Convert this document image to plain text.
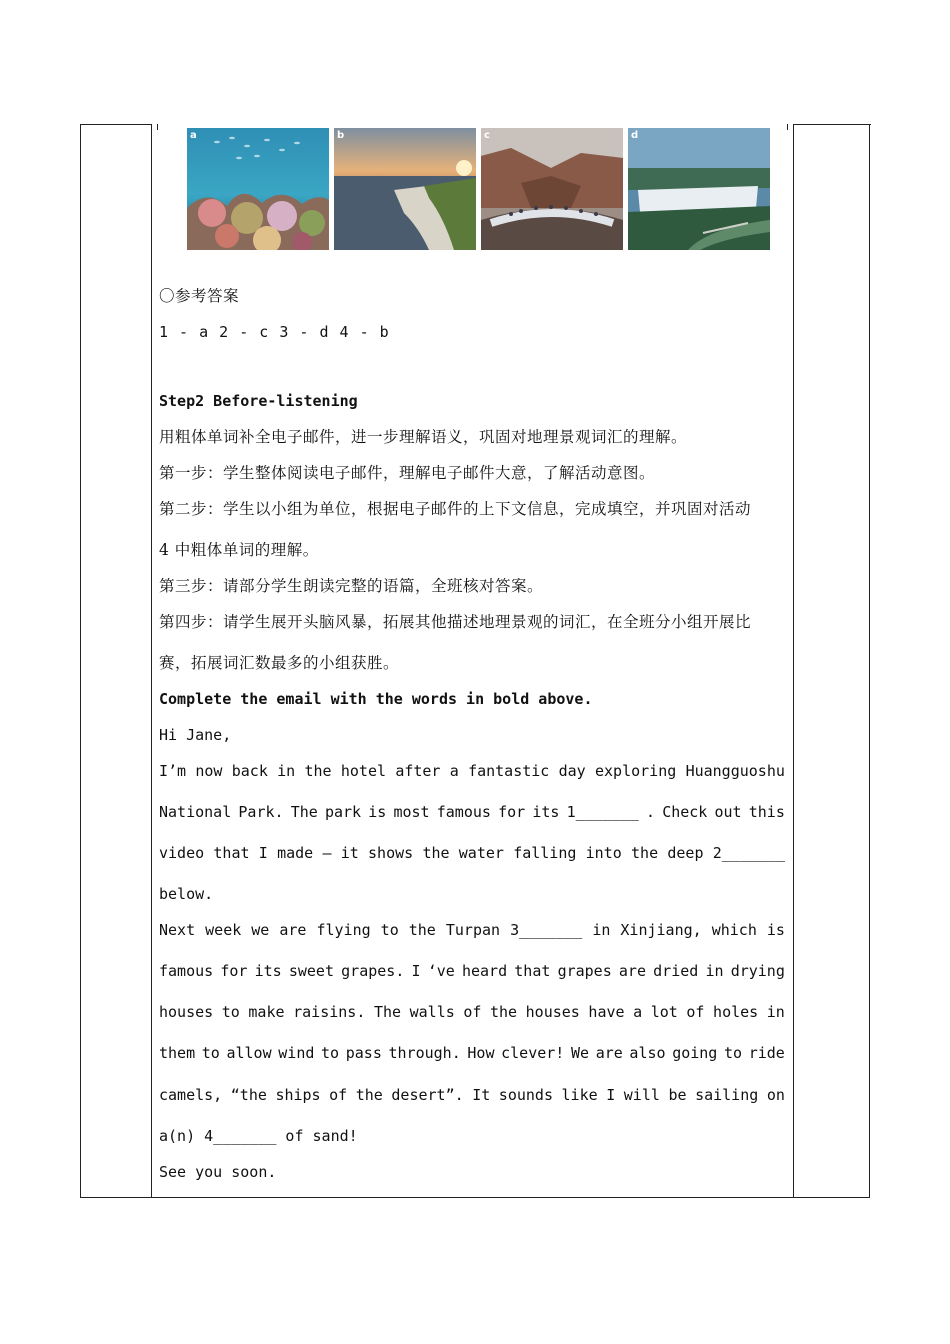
a	b	c	d
〇参考答案
1 - a 2 - c 3 - d 4 - b
Step2 Before-listening
用粗体单词补全电子邮件，进一步理解语义，巩固对地理景观词汇的理解。
第一步：学生整体阅读电子邮件，理解电子邮件大意，了解活动意图。
第二步：学生以小组为单位，根据电子邮件的上下文信息，完成填空，并巩固对活动
4 中粗体单词的理解。
第三步：请部分学生朗读完整的语篇，全班核对答案。
第四步：请学生展开头脑风暴，拓展其他描述地理景观的词汇，在全班分小组开展比
赛，拓展词汇数最多的小组获胜。
Complete the email with the words in bold above.
Hi Jane,
I’m now back in the hotel after a fantastic day exploring Huangguoshu
National Park. The park is most famous for its 1_______ . Check out this
video that I made – it shows the water falling into the deep 2_______
below.
Next week we are flying to the Turpan 3_______ in Xinjiang, which is
famous for its sweet grapes. I ‘ve heard that grapes are dried in drying
houses to make raisins. The walls of the houses have a lot of holes in
them to allow wind to pass through. How clever! We are also going to ride
camels, “the ships of the desert”. It sounds like I will be sailing on
a(n) 4_______ of sand!
See you soon.
